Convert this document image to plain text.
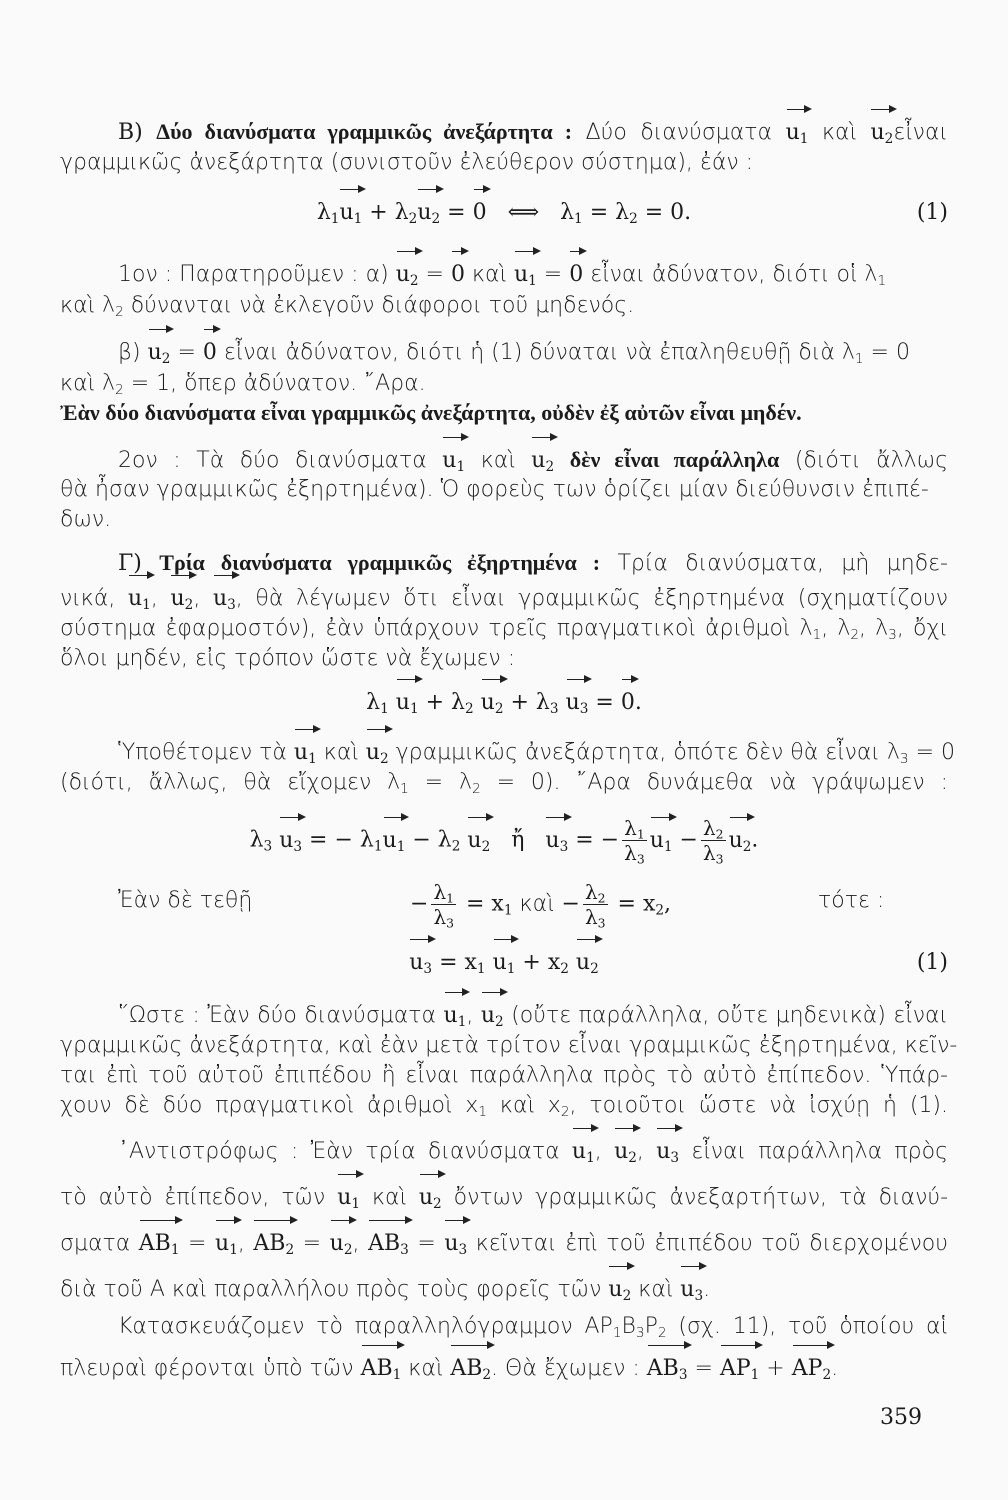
Β) Δύο διανύσματα γραμμικῶς ἀνεξάρτητα : Δύο διανύσματα $u_1$ καὶ $u_2\varepsilon ἶ\nu\alpha\iota$

γραμμικῶς ἀνεξάρτητα (συνιστοῦν ἐλεύθερον σύστημα), ἐάν :

$\lambda_1u_1 + \lambda_2u_2 = 0$   ⟺   $\lambda_1 = \lambda_2 = 0$.	(1)

1ον : Παρατηροῦμεν : α) $u_2 = 0$ καὶ $u_1 = 0$ εἶναι ἀδύνατον, διότι οἱ $\lambda_1$

καὶ $\lambda_2$ δύνανται νὰ ἐκλεγοῦν διάφοροι τοῦ μηδενός.

β) $u_2 = 0$ εἶναι ἀδύνατον, διότι ἡ (1) δύναται νὰ ἐπαληθευθῇ διὰ $\lambda_1 = 0$

καὶ $\lambda_2 = 1$, ὅπερ ἀδύνατον. ῎Αρα.

Ἐὰν δύο διανύσματα εἶναι γραμμικῶς ἀνεξάρτητα, οὐδὲν ἐξ αὐτῶν εἶναι μηδέν.

2ον : Τὰ δύο διανύσματα $u_1$ καὶ $u_2$ δὲν εἶναι παράλληλα (διότι ἄλλως

θὰ ἦσαν γραμμικῶς ἐξηρτημένα). Ὁ φορεὺς των ὁρίζει μίαν διεύθυνσιν ἐπιπέ-

δων.

Γ) Τρία διανύσματα γραμμικῶς ἐξηρτημένα : Τρία διανύσματα, μὴ μηδε-

νικά, $u_1$, $u_2$, $u_3$, θὰ λέγωμεν ὅτι εἶναι γραμμικῶς ἐξηρτημένα (σχηματίζουν

σύστημα ἐφαρμοστόν), ἐὰν ὑπάρχουν τρεῖς πραγματικοὶ ἀριθμοὶ $\lambda_1$, $\lambda_2$, $\lambda_3$, ὄχι

ὅλοι μηδέν, εἰς τρόπον ὥστε νὰ ἔχωμεν :

$\lambda_1$ $u_1 + \lambda_2$ $u_2 + \lambda_3$ $u_3 = 0$.

Ὑποθέτομεν τὰ $u_1$ καὶ $u_2$ γραμμικῶς ἀνεξάρτητα, ὁπότε δὲν θὰ εἶναι $\lambda_3 = 0$

(διότι, ἄλλως, θὰ εἴχομεν $\lambda_1 = \lambda_2 = 0$). ῎Αρα δυνάμεθα νὰ γράψωμεν :

$\lambda_3$ $u_3$ = − $\lambda_1u_1 - \lambda_2$ $u_2$ ἤ $u_3$ = − $\frac{\lambda_1}{\lambda_3} u_1 - \frac{\lambda_2}{\lambda_3} u_2$.

Ἐὰν δὲ τεθῇ	− $\frac{\lambda_1}{\lambda_3} = x_1$ καὶ − $\frac{\lambda_2}{\lambda_3} = x_2$,	τότε :

$u_3 = x_1$ $u_1 + x_2$ $u_2$	(1)

῞Ωστε : Ἐὰν δύο διανύσματα $u_1$, $u_2$ (οὔτε παράλληλα, οὔτε μηδενικὰ) εἶναι

γραμμικῶς ἀνεξάρτητα, καὶ ἐὰν μετὰ τρίτον εἶναι γραμμικῶς ἐξηρτημένα, κεῖν-

ται ἐπὶ τοῦ αὐτοῦ ἐπιπέδου ἢ εἶναι παράλληλα πρὸς τὸ αὐτὸ ἐπίπεδον. Ὑπάρ-

χουν δὲ δύο πραγματικοὶ ἀριθμοὶ $x_1$ καὶ $x_2$, τοιοῦτοι ὥστε νὰ ἰσχύῃ ἡ (1).

᾿Αντιστρόφως : Ἐὰν τρία διανύσματα $u_1$, $u_2$, $u_3$ εἶναι παράλληλα πρὸς

τὸ αὐτὸ ἐπίπεδον, τῶν $u_1$ καὶ $u_2$ ὄντων γραμμικῶς ἀνεξαρτήτων, τὰ διανύ-

σματα $AB_1 = u_1$, $AB_2 = u_2$, $AB_3 = u_3$ κεῖνται ἐπὶ τοῦ ἐπιπέδου τοῦ διερχομένου

διὰ τοῦ Α καὶ παραλλήλου πρὸς τοὺς φορεῖς τῶν $u_2$ καὶ $u_3$.

Κατασκευάζομεν τὸ παραλληλόγραμμον $AP_1B_3P_2$ (σχ. 11), τοῦ ὁποίου αἱ

πλευραὶ φέρονται ὑπὸ τῶν $AB_1$ καὶ $AB_2$. Θὰ ἔχωμεν : $AB_3 = AP_1 + AP_2$.

359
